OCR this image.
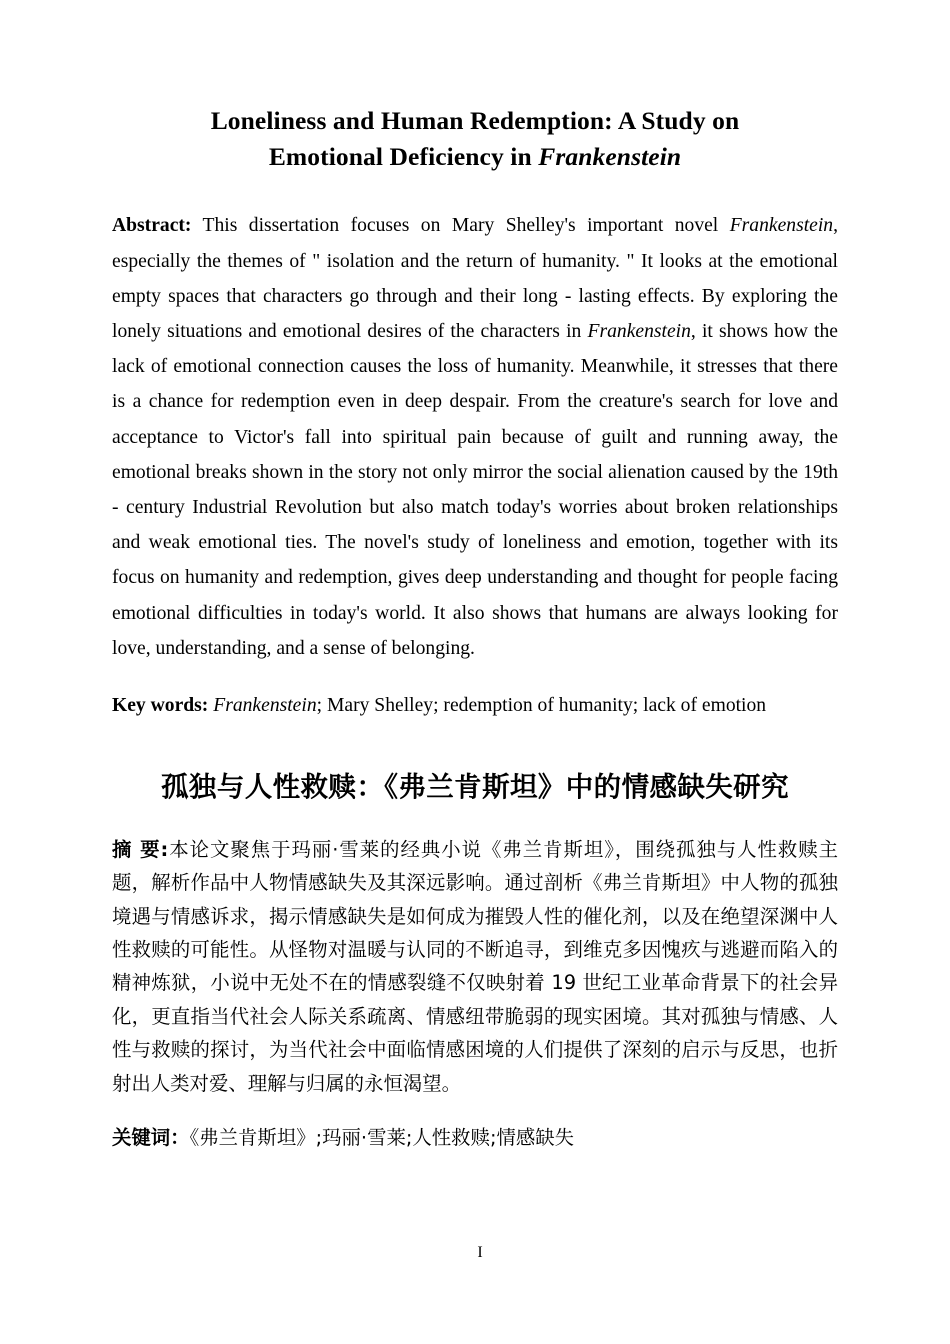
Loneliness and Human Redemption: A Study on
Emotional Deficiency in Frankenstein

Abstract: This dissertation focuses on Mary Shelley's important novel Frankenstein, especially the themes of " isolation and the return of humanity. " It looks at the emotional empty spaces that characters go through and their long - lasting effects. By exploring the lonely situations and emotional desires of the characters in Frankenstein, it shows how the lack of emotional connection causes the loss of humanity. Meanwhile, it stresses that there is a chance for redemption even in deep despair. From the creature's search for love and acceptance to Victor's fall into spiritual pain because of guilt and running away, the emotional breaks shown in the story not only mirror the social alienation caused by the 19th - century Industrial Revolution but also match today's worries about broken relationships and weak emotional ties. The novel's study of loneliness and emotion, together with its focus on humanity and redemption, gives deep understanding and thought for people facing emotional difficulties in today's world. It also shows that humans are always looking for love, understanding, and a sense of belonging.

Key words: Frankenstein; Mary Shelley; redemption of humanity; lack of emotion

孤独与人性救赎：《弗兰肯斯坦》中的情感缺失研究

摘 要:本论文聚焦于玛丽·雪莱的经典小说《弗兰肯斯坦》，围绕孤独与人性救赎主题，解析作品中人物情感缺失及其深远影响。通过剖析《弗兰肯斯坦》中人物的孤独境遇与情感诉求，揭示情感缺失是如何成为摧毁人性的催化剂，以及在绝望深渊中人性救赎的可能性。从怪物对温暖与认同的不断追寻，到维克多因愧疚与逃避而陷入的精神炼狱，小说中无处不在的情感裂缝不仅映射着 19 世纪工业革命背景下的社会异化，更直指当代社会人际关系疏离、情感纽带脆弱的现实困境。其对孤独与情感、人性与救赎的探讨，为当代社会中面临情感困境的人们提供了深刻的启示与反思，也折射出人类对爱、理解与归属的永恒渴望。

关键词：《弗兰肯斯坦》;玛丽·雪莱;人性救赎;情感缺失

I
